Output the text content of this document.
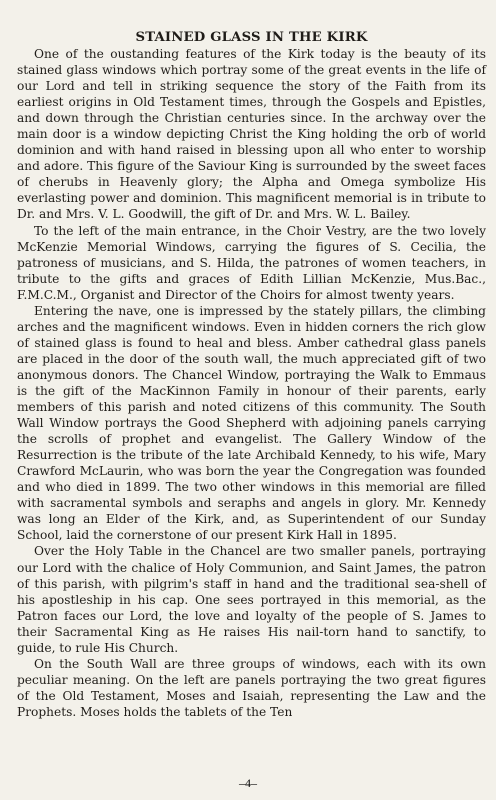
STAINED GLASS IN THE KIRK

One of the oustanding features of the Kirk today is the beauty of its stained glass windows which portray some of the great events in the life of our Lord and tell in striking sequence the story of the Faith from its earliest origins in Old Testament times, through the Gospels and Epistles, and down through the Christian centuries since. In the archway over the main door is a window depicting Christ the King holding the orb of world dominion and with hand raised in blessing upon all who enter to worship and adore. This figure of the Saviour King is surrounded by the sweet faces of cherubs in Heavenly glory; the Alpha and Omega symbolize His everlasting power and dominion. This magnificent memorial is in tribute to Dr. and Mrs. V. L. Goodwill, the gift of Dr. and Mrs. W. L. Bailey.

To the left of the main entrance, in the Choir Vestry, are the two lovely McKenzie Memorial Windows, carrying the figures of S. Cecilia, the patroness of musicians, and S. Hilda, the patrones of women teachers, in tribute to the gifts and graces of Edith Lillian McKenzie, Mus.Bac., F.M.C.M., Organist and Director of the Choirs for almost twenty years.

Entering the nave, one is impressed by the stately pillars, the climbing arches and the magnificent windows. Even in hidden corners the rich glow of stained glass is found to heal and bless. Amber cathedral glass panels are placed in the door of the south wall, the much appreciated gift of two anonymous donors. The Chancel Window, portraying the Walk to Emmaus is the gift of the MacKinnon Family in honour of their parents, early members of this parish and noted citizens of this community. The South Wall Window portrays the Good Shepherd with adjoining panels carrying the scrolls of prophet and evangelist. The Gallery Window of the Resurrection is the tribute of the late Archibald Kennedy, to his wife, Mary Crawford McLaurin, who was born the year the Congregation was founded and who died in 1899. The two other windows in this memorial are filled with sacramental symbols and seraphs and angels in glory. Mr. Kennedy was long an Elder of the Kirk, and, as Superintendent of our Sunday School, laid the cornerstone of our present Kirk Hall in 1895.

Over the Holy Table in the Chancel are two smaller panels, portraying our Lord with the chalice of Holy Communion, and Saint James, the patron of this parish, with pilgrim's staff in hand and the traditional sea-shell of his apostleship in his cap. One sees portrayed in this memorial, as the Patron faces our Lord, the love and loyalty of the people of S. James to their Sacramental King as He raises His nail-torn hand to sanctify, to guide, to rule His Church.

On the South Wall are three groups of windows, each with its own peculiar meaning. On the left are panels portraying the two great figures of the Old Testament, Moses and Isaiah, representing the Law and the Prophets. Moses holds the tablets of the Ten

–4–
